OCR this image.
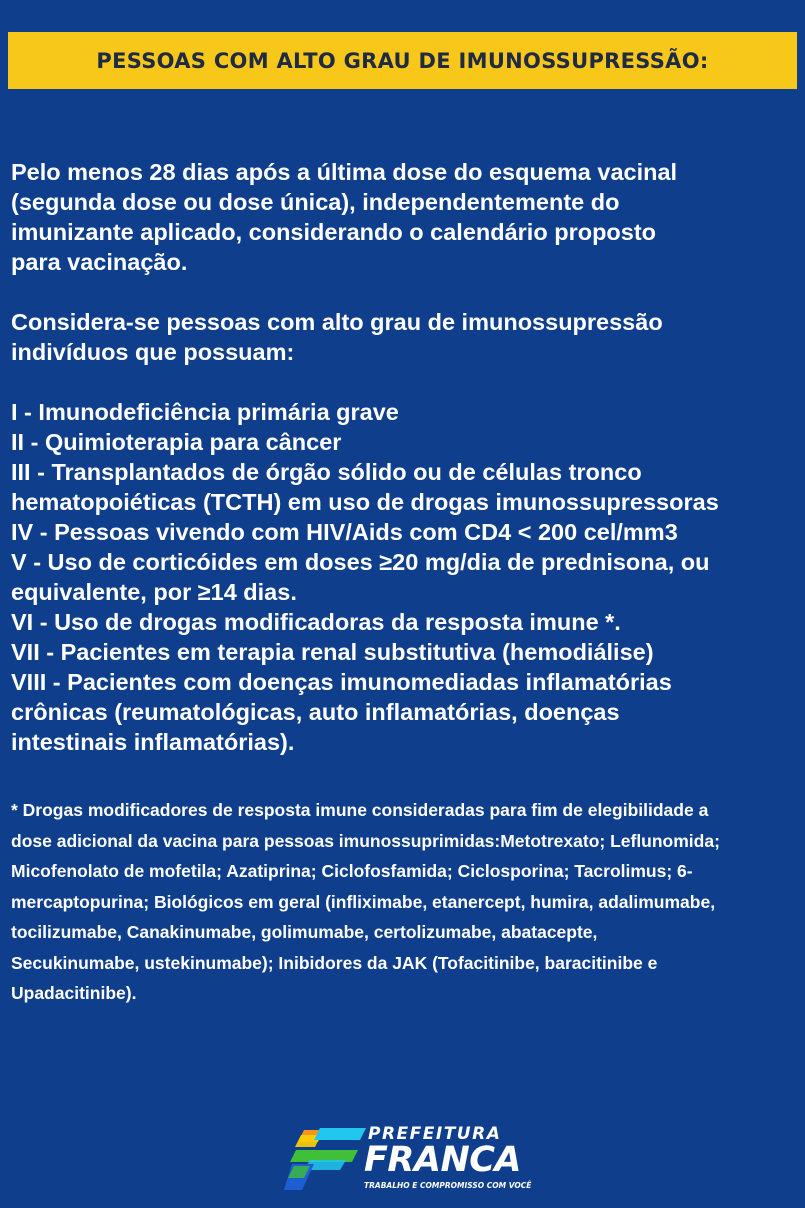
PESSOAS COM ALTO GRAU DE IMUNOSSUPRESSÃO:

Pelo menos 28 dias após a última dose do esquema vacinal

(segunda dose ou dose única), independentemente do

imunizante aplicado, considerando o calendário proposto

para vacinação.

Considera-se pessoas com alto grau de imunossupressão

indivíduos que possuam:

I - Imunodeficiência primária grave
II - Quimioterapia para câncer
III - Transplantados de órgão sólido ou de células tronco
hematopoiéticas (TCTH) em uso de drogas imunossupressoras
IV - Pessoas vivendo com HIV/Aids com CD4 < 200 cel/mm3
V - Uso de corticóides em doses ≥20 mg/dia de prednisona, ou
equivalente, por ≥14 dias.
VI - Uso de drogas modificadoras da resposta imune *.
VII - Pacientes em terapia renal substitutiva (hemodiálise)
VIII - Pacientes com doenças imunomediadas inflamatórias
crônicas (reumatológicas, auto inflamatórias, doenças
intestinais inflamatórias).
* Drogas modificadores de resposta imune consideradas para fim de elegibilidade a
dose adicional da vacina para pessoas imunossuprimidas:Metotrexato; Leflunomida;
Micofenolato de mofetila; Azatiprina; Ciclofosfamida; Ciclosporina; Tacrolimus; 6-
mercaptopurina; Biológicos em geral (infliximabe, etanercept, humira, adalimumabe,
tocilizumabe, Canakinumabe, golimumabe, certolizumabe, abatacepte,
Secukinumabe, ustekinumabe); Inibidores da JAK (Tofacitinibe, baracitinibe e
Upadacitinibe).
PREFEITURA
FRANCA
TRABALHO E COMPROMISSO COM VOCÊ
